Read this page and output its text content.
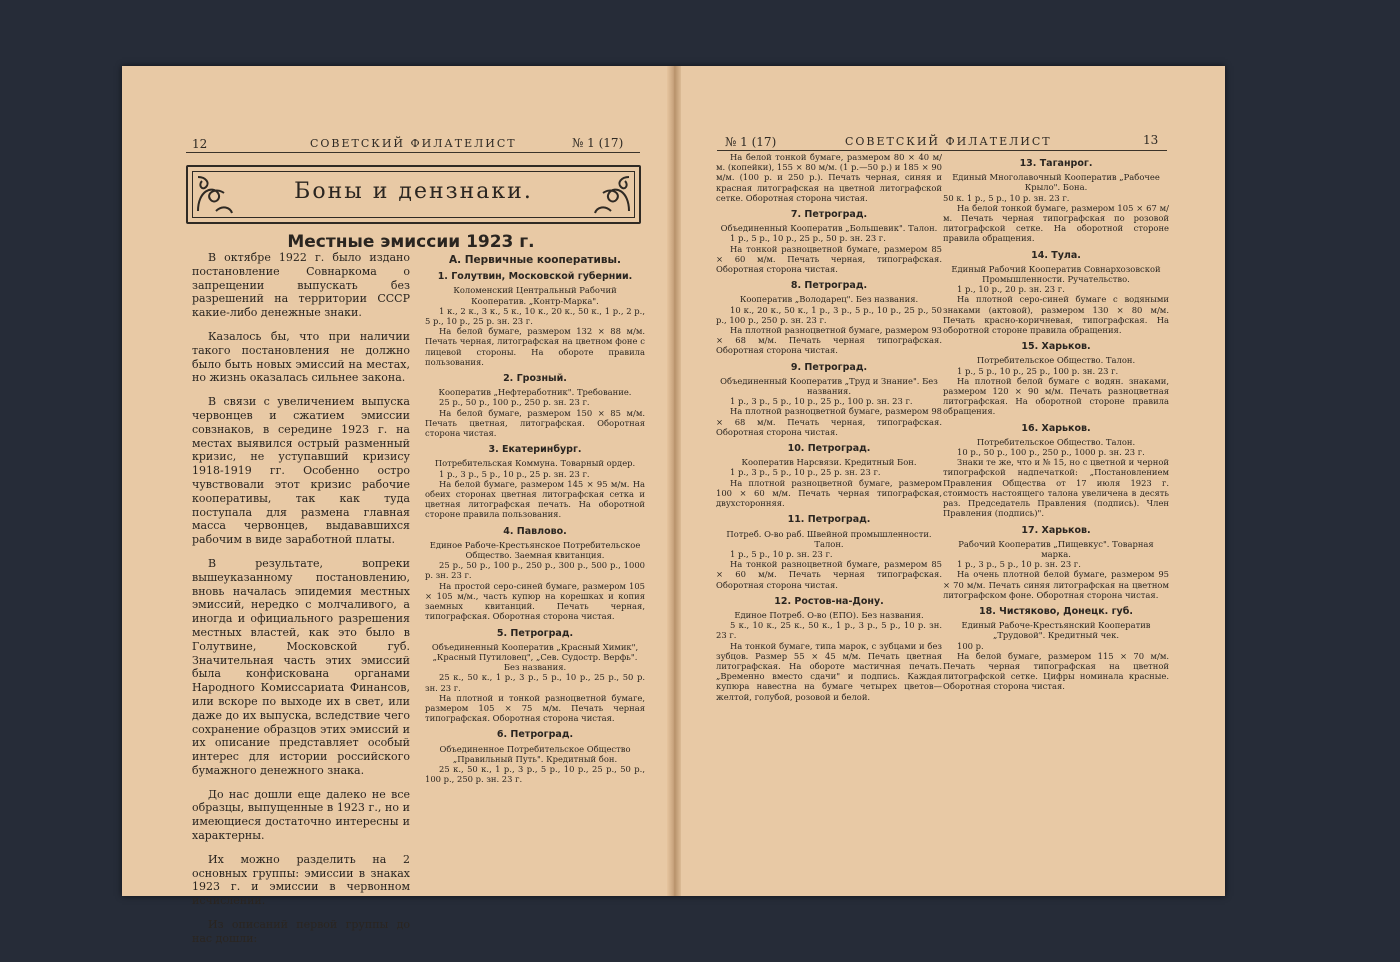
12	СОВЕТСКИЙ ФИЛАТЕЛИСТ	№ 1 (17)
Боны и дензнаки.
Местные эмиссии 1923 г.

В октябре 1922 г. было издано постановление Совнаркома о запрещении выпускать без разрешений на территории СССР какие-либо денежные знаки.

Казалось бы, что при наличии такого постановления не должно было быть новых эмиссий на местах, но жизнь оказалась сильнее закона.

В связи с увеличением выпуска червонцев и сжатием эмиссии совзнаков, в середине 1923 г. на местах выявился острый разменный кризис, не уступавший кризису 1918-1919 гг. Особенно остро чувствовали этот кризис рабочие кооперативы, так как туда поступала для размена главная масса червонцев, выдававшихся рабочим в виде заработной платы.

В результате, вопреки вышеуказанному постановлению, вновь началась эпидемия местных эмиссий, нередко с молчаливого, а иногда и официального разрешения местных властей, как это было в Голутвине, Московской губ. Значительная часть этих эмиссий была конфискована органами Народного Комиссариата Финансов, или вскоре по выходе их в свет, или даже до их выпуска, вследствие чего сохранение образцов этих эмиссий и их описание представляет особый интерес для истории российского бумажного денежного знака.

До нас дошли еще далеко не все образцы, выпущенные в 1923 г., но и имеющиеся достаточно интересны и характерны.

Их можно разделить на 2 основных группы: эмиссии в знаках 1923 г. и эмиссии в червонном исчислении.

Из описаний первой группы до нас дошли:

А. Первичные кооперативы.
1. Голутвин, Московской губернии.

Коломенский Центральный Рабочий Кооператив. „Контр-Марка".

1 к., 2 к., 3 к., 5 к., 10 к., 20 к., 50 к., 1 р., 2 р., 5 р., 10 р., 25 р. зн. 23 г.

На белой бумаге, размером 132 × 88 м/м. Печать черная, литографская на цветном фоне с лицевой стороны. На обороте правила пользования.

2. Грозный.

Кооператив „Нефтеработник". Требование.

25 р., 50 р., 100 р., 250 р. зн. 23 г.

На белой бумаге, размером 150 × 85 м/м. Печать цветная, литографская. Оборотная сторона чистая.

3. Екатеринбург.

Потребительская Коммуна. Товарный ордер.

1 р., 3 р., 5 р., 10 р., 25 р. зн. 23 г.

На белой бумаге, размером 145 × 95 м/м. На обеих сторонах цветная литографская сетка и цветная литографская печать. На оборотной стороне правила пользования.

4. Павлово.

Единое Рабоче-Крестьянское Потребительское Общество. Заемная квитанция.

25 р., 50 р., 100 р., 250 р., 300 р., 500 р., 1000 р. зн. 23 г.

На простой серо-синей бумаге, размером 105 × 105 м/м., часть купюр на корешках и копия заемных квитанций. Печать черная, типографская. Оборотная сторона чистая.

5. Петроград.

Объединенный Кооператив „Красный Химик", „Красный Путиловец", „Сев. Судостр. Верфь". Без названия.

25 к., 50 к., 1 р., 3 р., 5 р., 10 р., 25 р., 50 р. зн. 23 г.

На плотной и тонкой разноцветной бумаге, размером 105 × 75 м/м. Печать черная типографская. Оборотная сторона чистая.

6. Петроград.

Объединенное Потребительское Общество „Правильный Путь". Кредитный бон.

25 к., 50 к., 1 р., 3 р., 5 р., 10 р., 25 р., 50 р., 100 р., 250 р. зн. 23 г.

№ 1 (17)	СОВЕТСКИЙ ФИЛАТЕЛИСТ	13

На белой тонкой бумаге, размером 80 × 40 м/м. (копейки), 155 × 80 м/м. (1 р.—50 р.) и 185 × 90 м/м. (100 р. и 250 р.). Печать черная, синяя и красная литографская на цветной литографской сетке. Оборотная сторона чистая.

7. Петроград.

Объединенный Кооператив „Большевик". Талон.

1 р., 5 р., 10 р., 25 р., 50 р. зн. 23 г.

На тонкой разноцветной бумаге, размером 85 × 60 м/м. Печать черная, типографская. Оборотная сторона чистая.

8. Петроград.

Кооператив „Володарец". Без названия.

10 к., 20 к., 50 к., 1 р., 3 р., 5 р., 10 р., 25 р., 50 р., 100 р., 250 р. зн. 23 г.

На плотной разноцветной бумаге, размером 93 × 68 м/м. Печать черная типографская. Оборотная сторона чистая.

9. Петроград.

Объединенный Кооператив „Труд и Знание". Без названия.

1 р., 3 р., 5 р., 10 р., 25 р., 100 р. зн. 23 г.

На плотной разноцветной бумаге, размером 98 × 68 м/м. Печать черная, типографская. Оборотная сторона чистая.

10. Петроград.

Кооператив Нарсвязи. Кредитный Бон.

1 р., 3 р., 5 р., 10 р., 25 р. зн. 23 г.

На плотной разноцветной бумаге, размером 100 × 60 м/м. Печать черная типографская, двухсторонняя.

11. Петроград.

Потреб. О-во раб. Швейной промышленности. Талон.

1 р., 5 р., 10 р. зн. 23 г.

На тонкой разноцветной бумаге, размером 85 × 60 м/м. Печать черная типографская. Оборотная сторона чистая.

12. Ростов-на-Дону.

Единое Потреб. О-во (ЕПО). Без названия.

5 к., 10 к., 25 к., 50 к., 1 р., 3 р., 5 р., 10 р. зн. 23 г.

На тонкой бумаге, типа марок, с зубцами и без зубцов. Размер 55 × 45 м/м. Печать цветная литографская. На обороте мастичная печать. „Временно вместо сдачи" и подпись. Каждая купюра навестна на бумаге четырех цветов—желтой, голубой, розовой и белой.

13. Таганрог.

Единый Многолавочный Кооператив „Рабочее Крыло". Бона.

50 к. 1 р., 5 р., 10 р. зн. 23 г.

На белой тонкой бумаге, размером 105 × 67 м/м. Печать черная типографская по розовой литографской сетке. На оборотной стороне правила обращения.

14. Тула.

Единый Рабочий Кооператив Совнархозовской Промышленности. Ручательство.

1 р., 10 р., 20 р. зн. 23 г.

На плотной серо-синей бумаге с водяными знаками (актовой), размером 130 × 80 м/м. Печать красно-коричневая, типографская. На оборотной стороне правила обращения.

15. Харьков.

Потребительское Общество. Талон.

1 р., 5 р., 10 р., 25 р., 100 р. зн. 23 г.

На плотной белой бумаге с водян. знаками, размером 120 × 90 м/м. Печать разноцветная литографская. На оборотной стороне правила обращения.

16. Харьков.

Потребительское Общество. Талон.

10 р., 50 р., 100 р., 250 р., 1000 р. зн. 23 г.

Знаки те же, что и № 15, но с цветной и черной типографской надпечаткой: „Постановлением Правления Общества от 17 июля 1923 г. стоимость настоящего талона увеличена в десять раз. Председатель Правления (подпись). Член Правления (подпись)".

17. Харьков.

Рабочий Кооператив „Пищевкус". Товарная марка.

1 р., 3 р., 5 р., 10 р. зн. 23 г.

На очень плотной белой бумаге, размером 95 × 70 м/м. Печать синяя литографская на цветном литографском фоне. Оборотная сторона чистая.

18. Чистяково, Донецк. губ.

Единый Рабоче-Крестьянский Кооператив „Трудовой". Кредитный чек.

100 р.

На белой бумаге, размером 115 × 70 м/м. Печать черная типографская на цветной литографской сетке. Цифры номинала красные. Оборотная сторона чистая.
